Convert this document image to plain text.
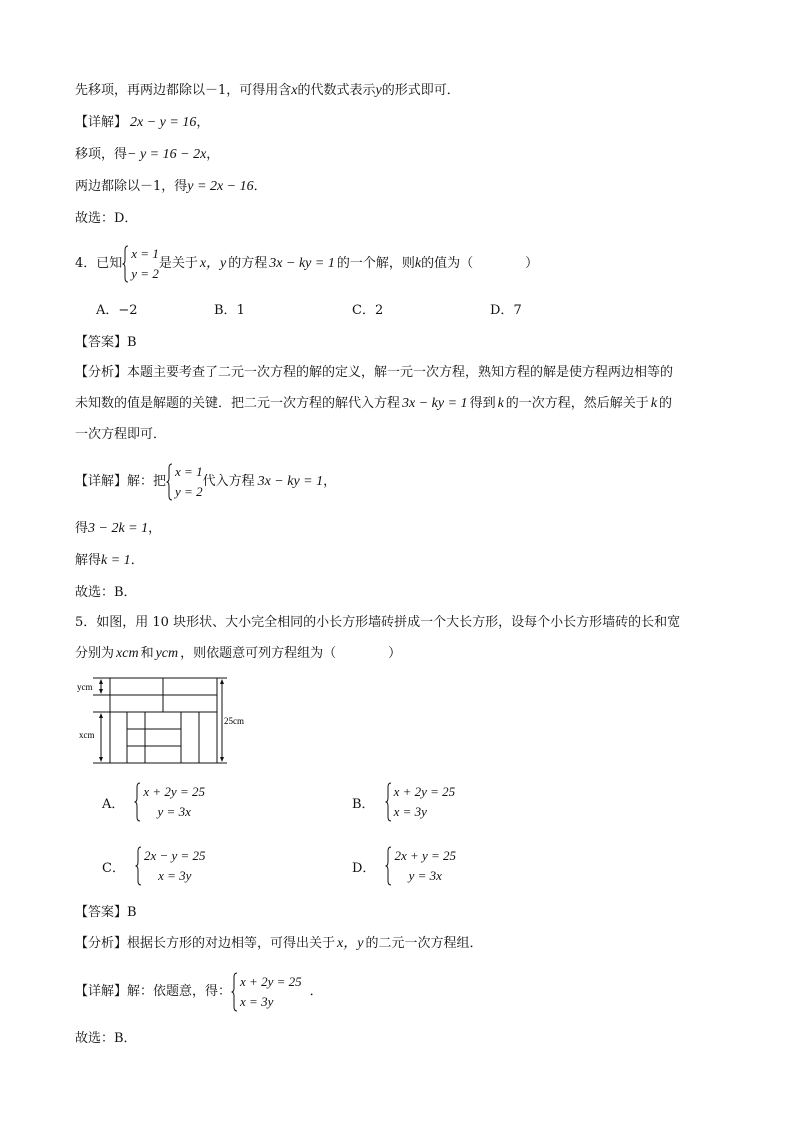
先移项，再两边都除以－1，可得用含x的代数式表示y的形式即可．
【详解】 2x − y = 16，
移项，得− y = 16 − 2x，
两边都除以－1，得y = 2x − 16．
故选：D．
4．已知
x = 1
y = 2
是关于 x，y 的方程 3x − ky = 1 的一个解，则 k 的值为（　　　　）
A．−2	B．1	C．2	D．7
【答案】B
【分析】本题主要考查了二元一次方程的解的定义，解一元一次方程，熟知方程的解是使方程两边相等的
未知数的值是解题的关键．把二元一次方程的解代入方程 3x − ky = 1 得到 k 的一次方程，然后解关于 k 的
一次方程即可．
【详解】 解：把
x = 1
y = 2
代入方程 3x − ky = 1 ，
得3 − 2k = 1，
解得k = 1．
故选：B．
5．如图，用 10 块形状、大小完全相同的小长方形墙砖拼成一个大长方形，设每个小长方形墙砖的长和宽
分别为 xcm 和 ycm ，则依题意可列方程组为（　　　　）
ycm
xcm
25cm
A．
x + 2y = 25
y = 3x	B．
x + 2y = 25
x = 3y
C．
2x − y = 25
x = 3y	D．
2x + y = 25
y = 3x
【答案】B
【分析】根据长方形的对边相等，可得出关于 x，y 的二元一次方程组．
【详解】 解：依题意，得：
x + 2y = 25
x = 3y
．
故选：B．
